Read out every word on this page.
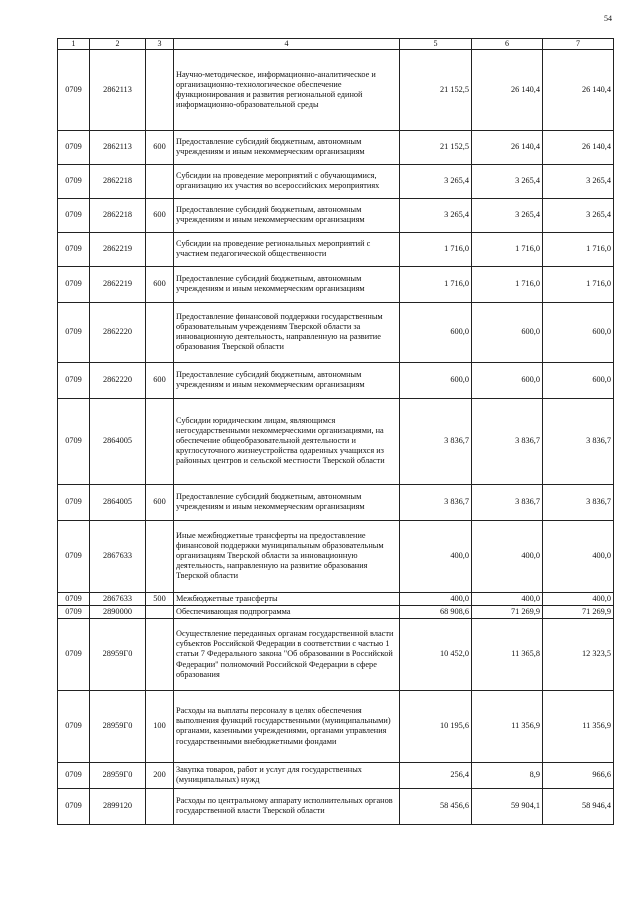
54
1	2	3	4	5	6	7
0709	2862113		Научно-методическое, информационно-аналитическое и организационно-технологическое обеспечение функционирования и развития региональной единой информационно-образовательной среды	21 152,5	26 140,4	26 140,4
0709	2862113	600	Предоставление субсидий бюджетным, автономным учреждениям и иным некоммерческим организациям	21 152,5	26 140,4	26 140,4
0709	2862218		Субсидии на проведение мероприятий с обучающимися, организацию их участия во всероссийских мероприятиях	3 265,4	3 265,4	3 265,4
0709	2862218	600	Предоставление субсидий бюджетным, автономным учреждениям и иным некоммерческим организациям	3 265,4	3 265,4	3 265,4
0709	2862219		Субсидии на проведение региональных мероприятий с участием педагогической общественности	1 716,0	1 716,0	1 716,0
0709	2862219	600	Предоставление субсидий бюджетным, автономным учреждениям и иным некоммерческим организациям	1 716,0	1 716,0	1 716,0
0709	2862220		Предоставление финансовой поддержки государственным образовательным учреждениям Тверской области за инновационную деятельность, направленную на развитие образования Тверской области	600,0	600,0	600,0
0709	2862220	600	Предоставление субсидий бюджетным, автономным учреждениям и иным некоммерческим организациям	600,0	600,0	600,0
0709	2864005		Субсидии юридическим лицам, являющимся негосударственными некоммерческими организациями, на обеспечение общеобразовательной деятельности и круглосуточного жизнеустройства одаренных учащихся из районных центров и сельской местности Тверской области	3 836,7	3 836,7	3 836,7
0709	2864005	600	Предоставление субсидий бюджетным, автономным учреждениям и иным некоммерческим организациям	3 836,7	3 836,7	3 836,7
0709	2867633		Иные межбюджетные трансферты на предоставление финансовой поддержки муниципальным образовательным организациям Тверской области за инновационную деятельность, направленную на развитие образования Тверской области	400,0	400,0	400,0
0709	2867633	500	Межбюджетные трансферты	400,0	400,0	400,0
0709	2890000		Обеспечивающая подпрограмма	68 908,6	71 269,9	71 269,9
0709	28959Г0		Осуществление переданных органам государственной власти субъектов Российской Федерации в соответствии с частью 1 статьи 7 Федерального закона "Об образовании в Российской Федерации" полномочий Российской Федерации в сфере образования	10 452,0	11 365,8	12 323,5
0709	28959Г0	100	Расходы на выплаты персоналу в целях обеспечения выполнения функций государственными (муниципальными) органами, казенными учреждениями, органами управления государственными внебюджетными фондами	10 195,6	11 356,9	11 356,9
0709	28959Г0	200	Закупка товаров, работ и услуг для государственных (муниципальных) нужд	256,4	8,9	966,6
0709	2899120		Расходы по центральному аппарату исполнительных органов государственной власти Тверской области	58 456,6	59 904,1	58 946,4
